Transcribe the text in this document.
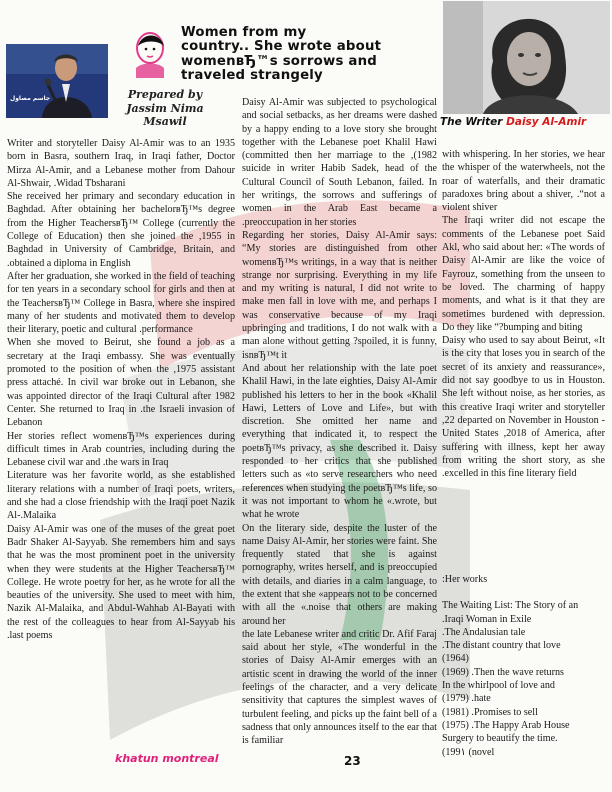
Women from my
country.. She wrote about
womenвЂ™s sorrows and
traveled strangely
جاسم مصاول	Prepared by
Jassim Nima
Msawil	The Writer Daisy Al-Amir

Writer and storyteller Daisy Al-Amir was to an 1935 born in Basra, southern Iraq, in Iraqi father, Doctor Mirza Al-Amir, and a Lebanese mother from Dahour Al-Shwair, .Widad Tbsharani

She received her primary and secondary education in Baghdad. After obtaining her bachelorвЂ™s degree from the Higher TeachersвЂ™ College (currently the College of Education) then she joined the ,1955 in Baghdad in University of Cambridge, Britain, and .obtained a diploma in English

After her graduation, she worked in the field of teaching for ten years in a secondary school for girls and then at the TeachersвЂ™ College in Basra, where she inspired many of her students and motivated them to develop their literary, poetic and cultural .performance

When she moved to Beirut, she found a job as a secretary at the Iraqi embassy. She was eventually promoted to the position of when the ,1975 assistant press attaché. In civil war broke out in Lebanon, she was appointed director of the Iraqi Cultural after 1982 Center. She returned to Iraq in .the Israeli invasion of Lebanon

Her stories reflect womenвЂ™s experiences during difficult times in Arab countries, including during the Lebanese civil war and .the wars in Iraq

Literature was her favorite world, as she established literary relations with a number of Iraqi poets, writers, and she had a close friendship with the Iraqi poet Nazik Al-.Malaika

Daisy Al-Amir was one of the muses of the great poet Badr Shaker Al-Sayyab. She remembers him and says that he was the most prominent poet in the university when they were students at the Higher TeachersвЂ™ College. He wrote poetry for her, as he wrote for all the beauties of the university. She used to meet with him, Nazik Al-Malaika, and Abdul-Wahhab Al-Bayati with the rest of the colleagues to hear from Al-Sayyab his .last poems

Daisy Al-Amir was subjected to psychological and social setbacks, as her dreams were dashed by a happy ending to a love story she brought together with the Lebanese poet Khalil Hawi (committed then her marriage to the ,(1982 suicide in writer Habib Sadek, head of the Cultural Council of South Lebanon, failed. In her writings, the sorrows and sufferings of women in the Arab East became a .preoccupation in her stories

Regarding her stories, Daisy Al-Amir says: “My stories are distinguished from other womenвЂ™s writings, in a way that is neither strange nor surprising. Everything in my life and my writing is natural, I did not write to make men fall in love with me, and perhaps I was conservative because of my Iraqi upbringing and traditions, I do not walk with a man alone without getting ?spoiled, it is funny, isnвЂ™t it

And about her relationship with the late poet Khalil Hawi, in the late eighties, Daisy Al-Amir published his letters to her in the book «Khalil Hawi, Letters of Love and Life», but with discretion. She omitted her name and everything that indicated it, to respect the poetвЂ™s privacy, as she described it. Daisy responded to her critics that she published letters such as «to serve researchers who need references when studying the poetвЂ™s life, so it was not important to whom he «.wrote, but what he wrote

On the literary side, despite the luster of the name Daisy Al-Amir, her stories were faint. She frequently stated that she is against pornography, writes herself, and is preoccupied with details, and diaries in a calm language, to the extent that she «appears not to be concerned with all the «.noise that others are making around her

the late Lebanese writer and critic Dr. Afif Faraj said about her style, «The wonderful in the stories of Daisy Al-Amir emerges with an artistic scent in drawing the world of the inner feelings of the character, and a very delicate sensitivity that captures the simplest waves of turbulent feeling, and picks up the faint bell of a sadness that only announces itself to the ear that is familiar

with whispering. In her stories, we hear the whisper of the waterwheels, not the roar of waterfalls, and their dramatic paradoxes bring about a shiver, .“not a violent shiver

The Iraqi writer did not escape the comments of the Lebanese poet Said Akl, who said about her: «The words of Daisy Al-Amir are like the voice of Fayrouz, something from the unseen to be loved. The charming of happy moments, and what is it that they are sometimes burdened with depression. Do they like “?bumping and biting

Daisy who used to say about Beirut, «It is the city that loses you in search of the secret of its anxiety and reassurance», did not say goodbye to us in Houston. She left without noise, as her stories, as this creative Iraqi writer and storyteller ,22 departed on November in Houston - United States ,2018 of America, after suffering with illness, kept her away from writing the short story, as she .excelled in this fine literary field

:Her works
The Waiting List: The Story of an
.Iraqi Woman in Exile
.The Andalusian tale
.The distant country that love
(1964)
(1969) .Then the wave returns
In the whirlpool of love and
(1979) .hate
(1981) .Promises to sell
(1975) .The Happy Arab House
Surgery to beautify the time.
(199١ (novel
khatun montreal	23
